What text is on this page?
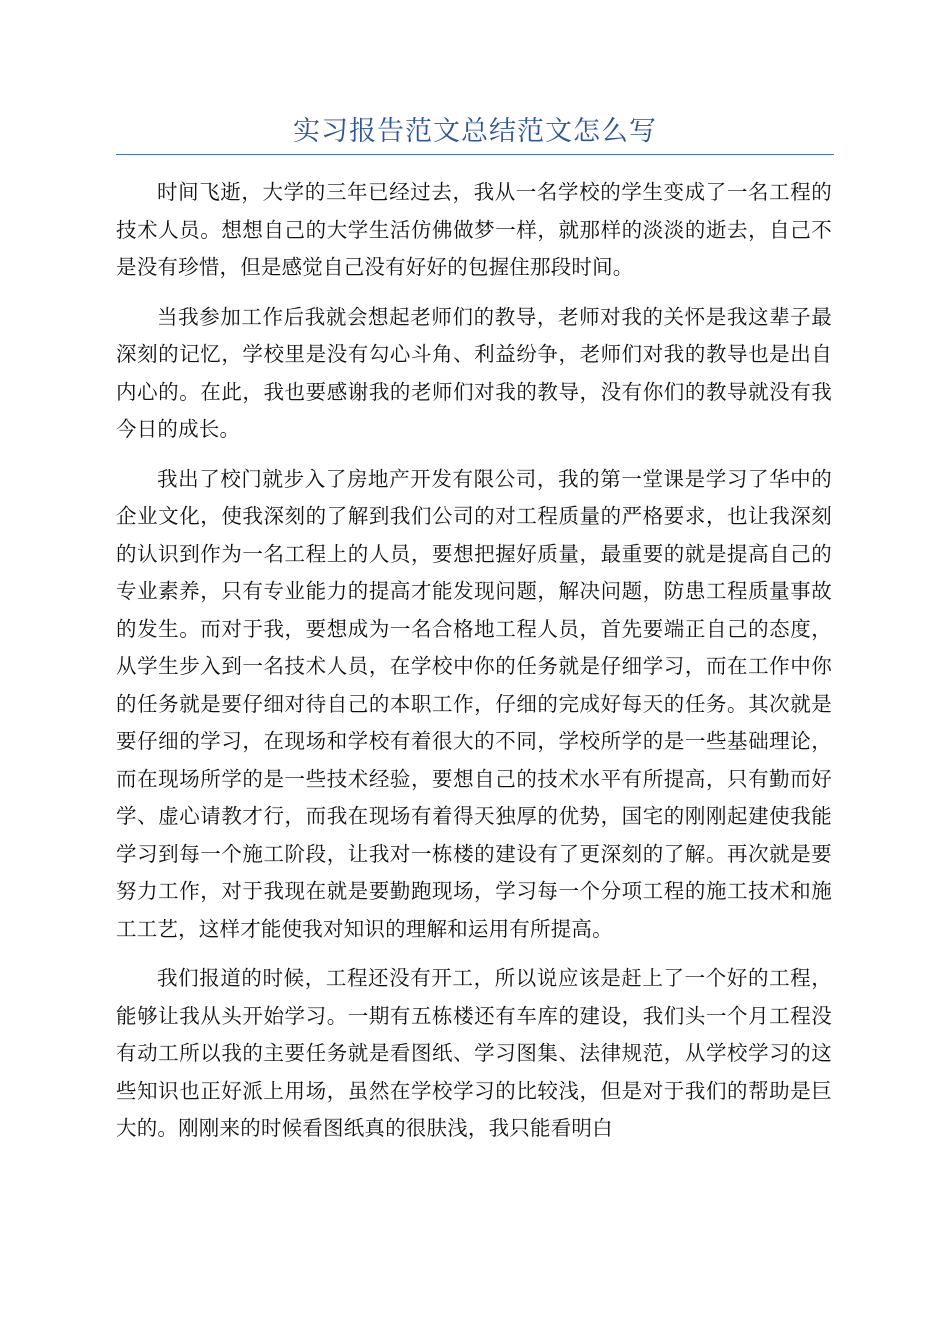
实习报告范文总结范文怎么写

时间飞逝，大学的三年已经过去，我从一名学校的学生变成了一名工程的技术人员。想想自己的大学生活仿佛做梦一样，就那样的淡淡的逝去，自己不是没有珍惜，但是感觉自己没有好好的包握住那段时间。

当我参加工作后我就会想起老师们的教导，老师对我的关怀是我这辈子最深刻的记忆，学校里是没有勾心斗角、利益纷争，老师们对我的教导也是出自内心的。在此，我也要感谢我的老师们对我的教导，没有你们的教导就没有我今日的成长。

我出了校门就步入了房地产开发有限公司，我的第一堂课是学习了华中的企业文化，使我深刻的了解到我们公司的对工程质量的严格要求，也让我深刻的认识到作为一名工程上的人员，要想把握好质量，最重要的就是提高自己的专业素养，只有专业能力的提高才能发现问题，解决问题，防患工程质量事故的发生。而对于我，要想成为一名合格地工程人员，首先要端正自己的态度，从学生步入到一名技术人员，在学校中你的任务就是仔细学习，而在工作中你的任务就是要仔细对待自己的本职工作，仔细的完成好每天的任务。其次就是要仔细的学习，在现场和学校有着很大的不同，学校所学的是一些基础理论，而在现场所学的是一些技术经验，要想自己的技术水平有所提高，只有勤而好学、虚心请教才行，而我在现场有着得天独厚的优势，国宅的刚刚起建使我能学习到每一个施工阶段，让我对一栋楼的建设有了更深刻的了解。再次就是要努力工作，对于我现在就是要勤跑现场，学习每一个分项工程的施工技术和施工工艺，这样才能使我对知识的理解和运用有所提高。

我们报道的时候，工程还没有开工，所以说应该是赶上了一个好的工程，能够让我从头开始学习。一期有五栋楼还有车库的建设，我们头一个月工程没有动工所以我的主要任务就是看图纸、学习图集、法律规范，从学校学习的这些知识也正好派上用场，虽然在学校学习的比较浅，但是对于我们的帮助是巨大的。刚刚来的时候看图纸真的很肤浅，我只能看明白
